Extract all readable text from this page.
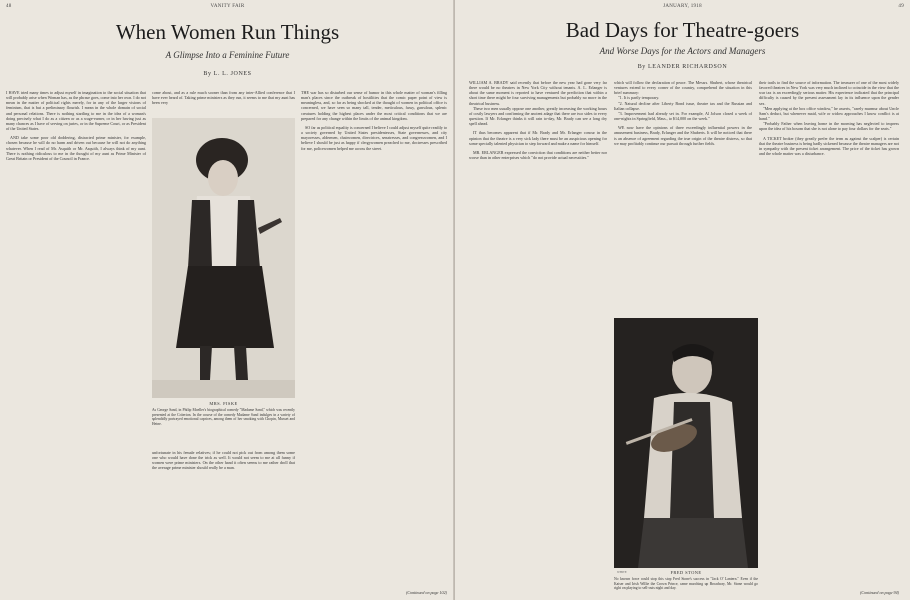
48	VANITY FAIR
When Women Run Things
A Glimpse Into a Feminine Future
By L. L. JONES

I HAVE tried many times to adjust myself in imagination to the social situation that will probably arise when Woman has, as the phrase goes, come into her own. I do not mean in the matter of political rights merely, for in any of the larger visions of feminism, that is but a preliminary flourish. I mean in the whole domain of social and personal relations. There is nothing startling to me in the idea of a woman's doing precisely what I do as a citizen or as a wage-earner, or in her having just as many chances as I have of serving on juries, or in the Supreme Court, or as President of the United States.

AND take some poor old doddering, distracted prime minister, for example, chosen because he will do no harm and driven out because he will not do anything whatever. When I read of Mr. Asquith or Mr. Asquith, I always think of my aunt. There is nothing ridiculous to me in the thought of my aunt as Prime Minister of Great Britain or President of the Council in France.

come about, and as a rule much sooner than from any inter-Allied conference that I have ever heard of. Taking prime ministers as they run, it seems to me that my aunt has been very

MRS. FISKE
As George Sand, in Philip Moeller's biographical comedy "Madame Sand," which was recently presented at the Criterion. In the course of the comedy Madame Sand indulges in a variety of splendidly portrayed emotional caprices, among them of her smoking with Chopin, Musset and Heine.

unfortunate in his female relatives; if he could not pick out from among them some one who would have done the trick as well. It would not seem to me at all funny if women were prime ministers. On the other hand it often seems to me rather droll that the average prime minister should really be a man.

THE war has so disturbed our sense of humor in this whole matter of woman's filling man's places since the outbreak of hostilities that the comic paper point of view is meaningless, and, so far as being shocked at the thought of women in political office is concerned, we have seen so many tall, tender, meticulous, fussy, garrulous, splenic creatures holding the highest places under the most critical conditions that we are prepared for any change within the limits of the animal kingdom.

SO far as political equality is concerned I believe I could adjust myself quite readily to a society governed by United States presidentesses, State governesses, and city mayoresses, aldermen, chairwomen, directrices, senatresses, and congresswomen, and I believe I should be just as happy if clergywomen preached to me, doctresses prescribed for me, policewomen helped me across the street.

(Continued on page 102)
JANUARY, 1918	49
Bad Days for Theatre-goers
And Worse Days for the Actors and Managers
By LEANDER RICHARDSON

WILLIAM A. BRADY said recently that before the new year had gone very far there would be no theatres in New York City without tenants. A. L. Erlanger is about the same moment is reported to have ventured the prediction that within a short time there might be four surviving managements but probably no more in the theatrical business.

These two men usually oppose one another, greatly increasing the working hours of costly lawyers and confirming the ancient adage that there are two sides to every question. If Mr. Erlanger thinks it will rain to-day, Mr. Brady can see a long dry spell ahead.

IT thus becomes apparent that if Mr. Brady and Mr. Erlanger concur in the opinion that the theatre is a very sick lady there must be an auspicious opening for some specially talented physician to step forward and make a name for himself.

MR. ERLANGER expressed the conviction that conditions are neither better nor worse than in other enterprises which "do not provide actual necessities."

which will follow the declaration of peace. The Messrs. Shubert, whose theatrical ventures extend to every corner of the country, comprehend the situation in this brief summary:

"1. It is partly temporary.

"2. Natural decline after Liberty Bond issue, theatre tax and the Russian and Italian collapse.

"3. Improvement had already set in. For example, Al Jolson closed a week of one-nights in Springfield, Mass., to $14,000 on the week."

WE now have the opinions of three exceedingly influential powers in the amusement business, Brady, Erlanger and the Shuberts. It will be noticed that there is an absence of agreement regarding the true origin of the theatre distress, so that we may profitably continue our pursuit through further fields.

WHITE	FRED STONE
No known force could stop this stop Fred Stone's success in "Jack O' Lantern." Even if the Kaiser and Irish Willie the Crown Prince, came marching up Broadway, Mr. Stone would go right on playing to sell-outs night and day.

their trails to find the source of information. The treasurer of one of the most widely favored theatres in New York was very much inclined to coincide in the view that the war tax is an exceedingly serious matter. His experience indicated that the principal difficulty is caused by the present assessment lay in its influence upon the gender sex.

"Men applying at the box office window," he asserts, "rarely murmur about Uncle Sam's deduct, but whenever maid, wife or widow approaches I know conflict is at hand."

"Probably Father when leaving home in the morning has neglected to impress upon the idea of his bosom that she is not alone to pay four dollars for the seats."

A TICKET broker (they greatly prefer the term as against the scalper) is certain that the theatre business is being badly sickened because the theatre managers are not in sympathy with the present ticket arrangement. The price of the ticket has grown and the whole matter was a disturbance.

(Continued on page 94)
